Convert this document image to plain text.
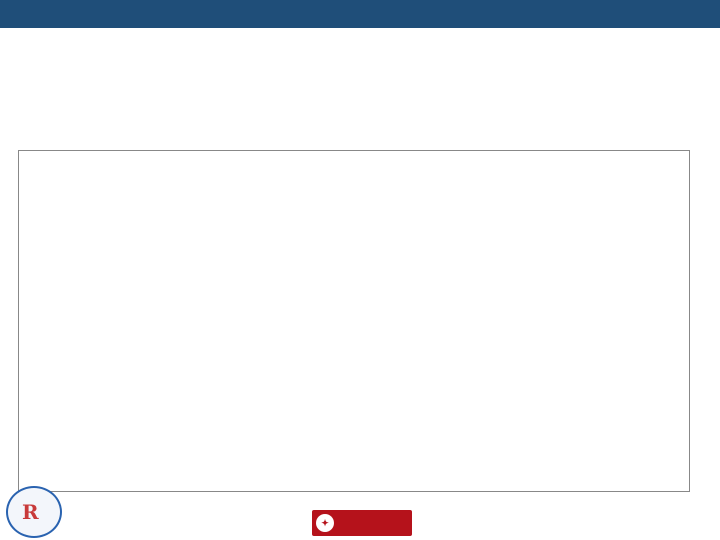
R	✦
